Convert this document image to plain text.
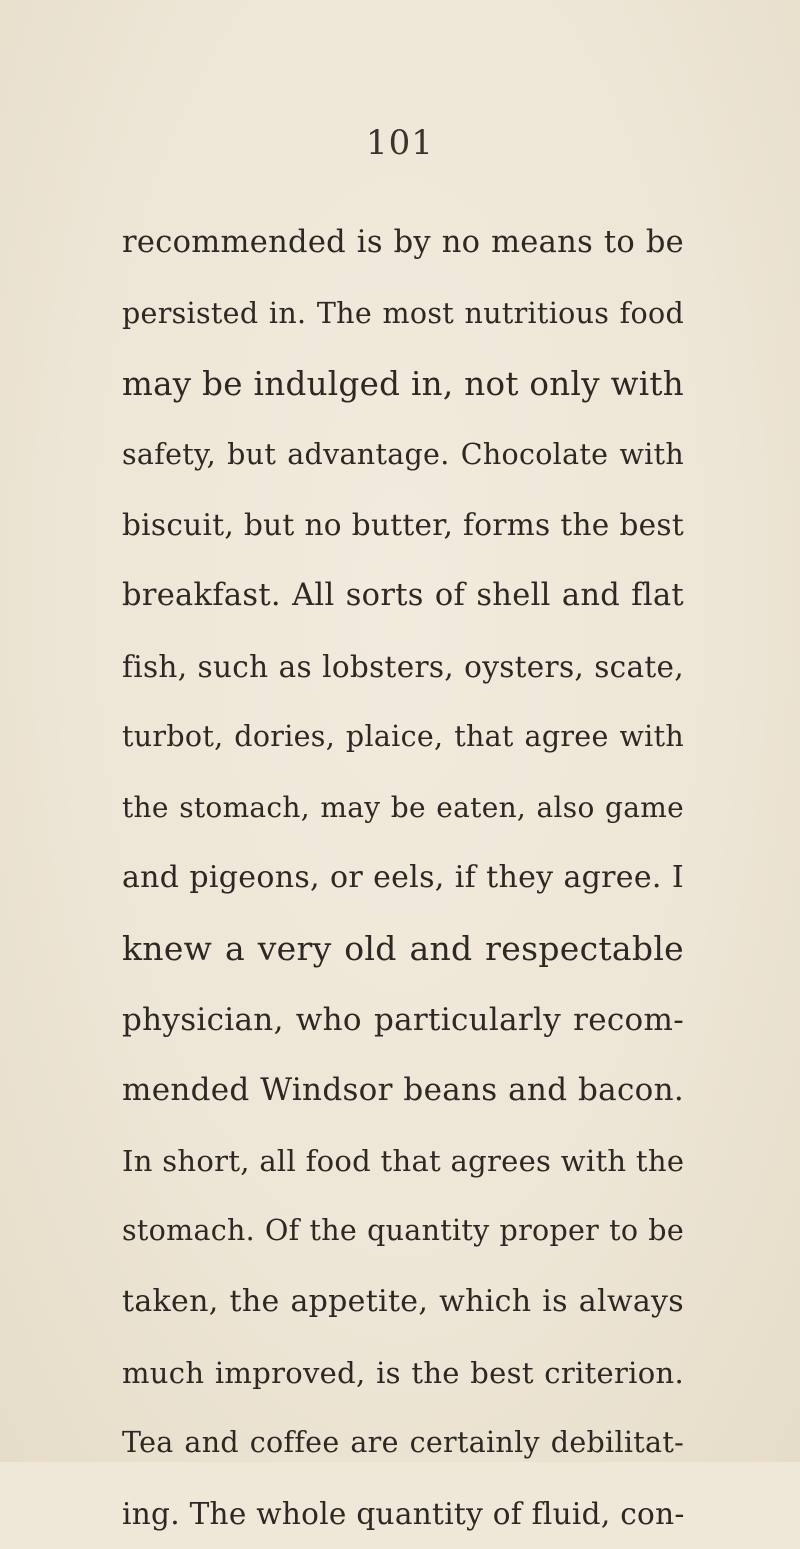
101
recommended is by no means to be
persisted in. The most nutritious food
may be indulged in, not only with
safety, but advantage. Chocolate with
biscuit, but no butter, forms the best
breakfast. All sorts of shell and flat
fish, such as lobsters, oysters, scate,
turbot, dories, plaice, that agree with
the stomach, may be eaten, also game
and pigeons, or eels, if they agree. I
knew a very old and respectable
physician, who particularly recom-
mended Windsor beans and bacon.
In short, all food that agrees with the
stomach. Of the quantity proper to be
taken, the appetite, which is always
much improved, is the best criterion.
Tea and coffee are certainly debilitat-
ing. The whole quantity of fluid, con-
